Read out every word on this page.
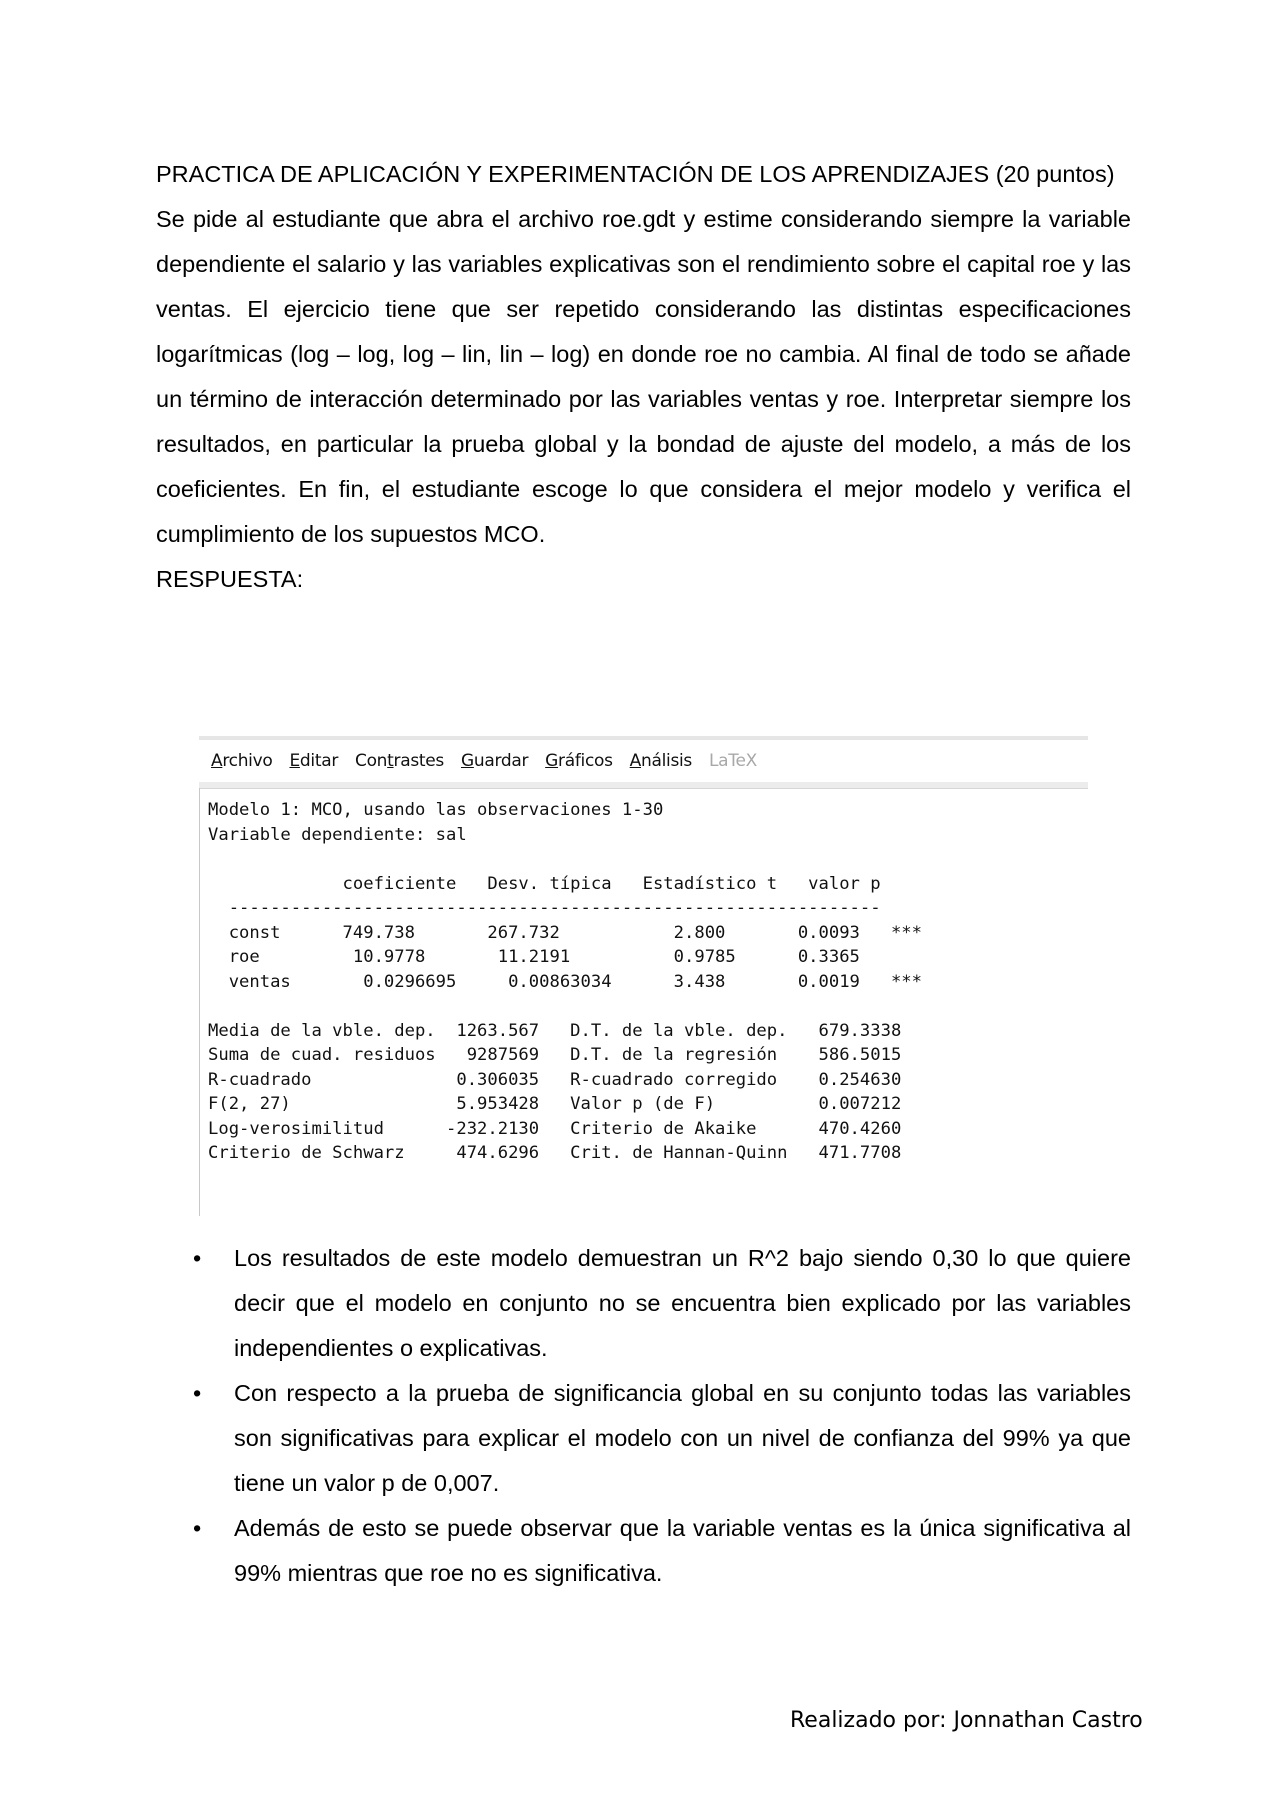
PRACTICA DE APLICACIÓN Y EXPERIMENTACIÓN DE LOS APRENDIZAJES (20 puntos)

Se pide al estudiante que abra el archivo roe.gdt y estime considerando siempre la variable dependiente el salario y las variables explicativas son el rendimiento sobre el capital roe y las ventas. El ejercicio tiene que ser repetido considerando las distintas especificaciones logarítmicas (log – log, log – lin, lin – log) en donde roe no cambia. Al final de todo se añade un término de interacción determinado por las variables ventas y roe. Interpretar siempre los resultados, en particular la prueba global y la bondad de ajuste del modelo, a más de los coeficientes. En fin, el estudiante escoge lo que considera el mejor modelo y verifica el cumplimiento de los supuestos MCO.

RESPUESTA:

Archivo Editar Contrastes Guardar Gráficos Análisis LaTeX
Modelo 1: MCO, usando las observaciones 1-30
Variable dependiente: sal

coeficiente   Desv. típica   Estadístico t   valor p
---------------------------------------------------------------
const      749.738       267.732           2.800       0.0093   ***
roe         10.9778       11.2191          0.9785      0.3365
ventas       0.0296695     0.00863034      3.438       0.0019   ***

Media de la vble. dep.  1263.567   D.T. de la vble. dep.   679.3338
Suma de cuad. residuos   9287569   D.T. de la regresión    586.5015
R-cuadrado              0.306035   R-cuadrado corregido    0.254630
F(2, 27)                5.953428   Valor p (de F)          0.007212
Log-verosimilitud      -232.2130   Criterio de Akaike      470.4260
Criterio de Schwarz     474.6296   Crit. de Hannan-Quinn   471.7708
• Los resultados de este modelo demuestran un R^2 bajo siendo 0,30 lo que quiere decir que el modelo en conjunto no se encuentra bien explicado por las variables independientes o explicativas.
• Con respecto a la prueba de significancia global en su conjunto todas las variables son significativas para explicar el modelo con un nivel de confianza del 99% ya que tiene un valor p de 0,007.
• Además de esto se puede observar que la variable ventas es la única significativa al 99% mientras que roe no es significativa.
Realizado por: Jonnathan Castro
